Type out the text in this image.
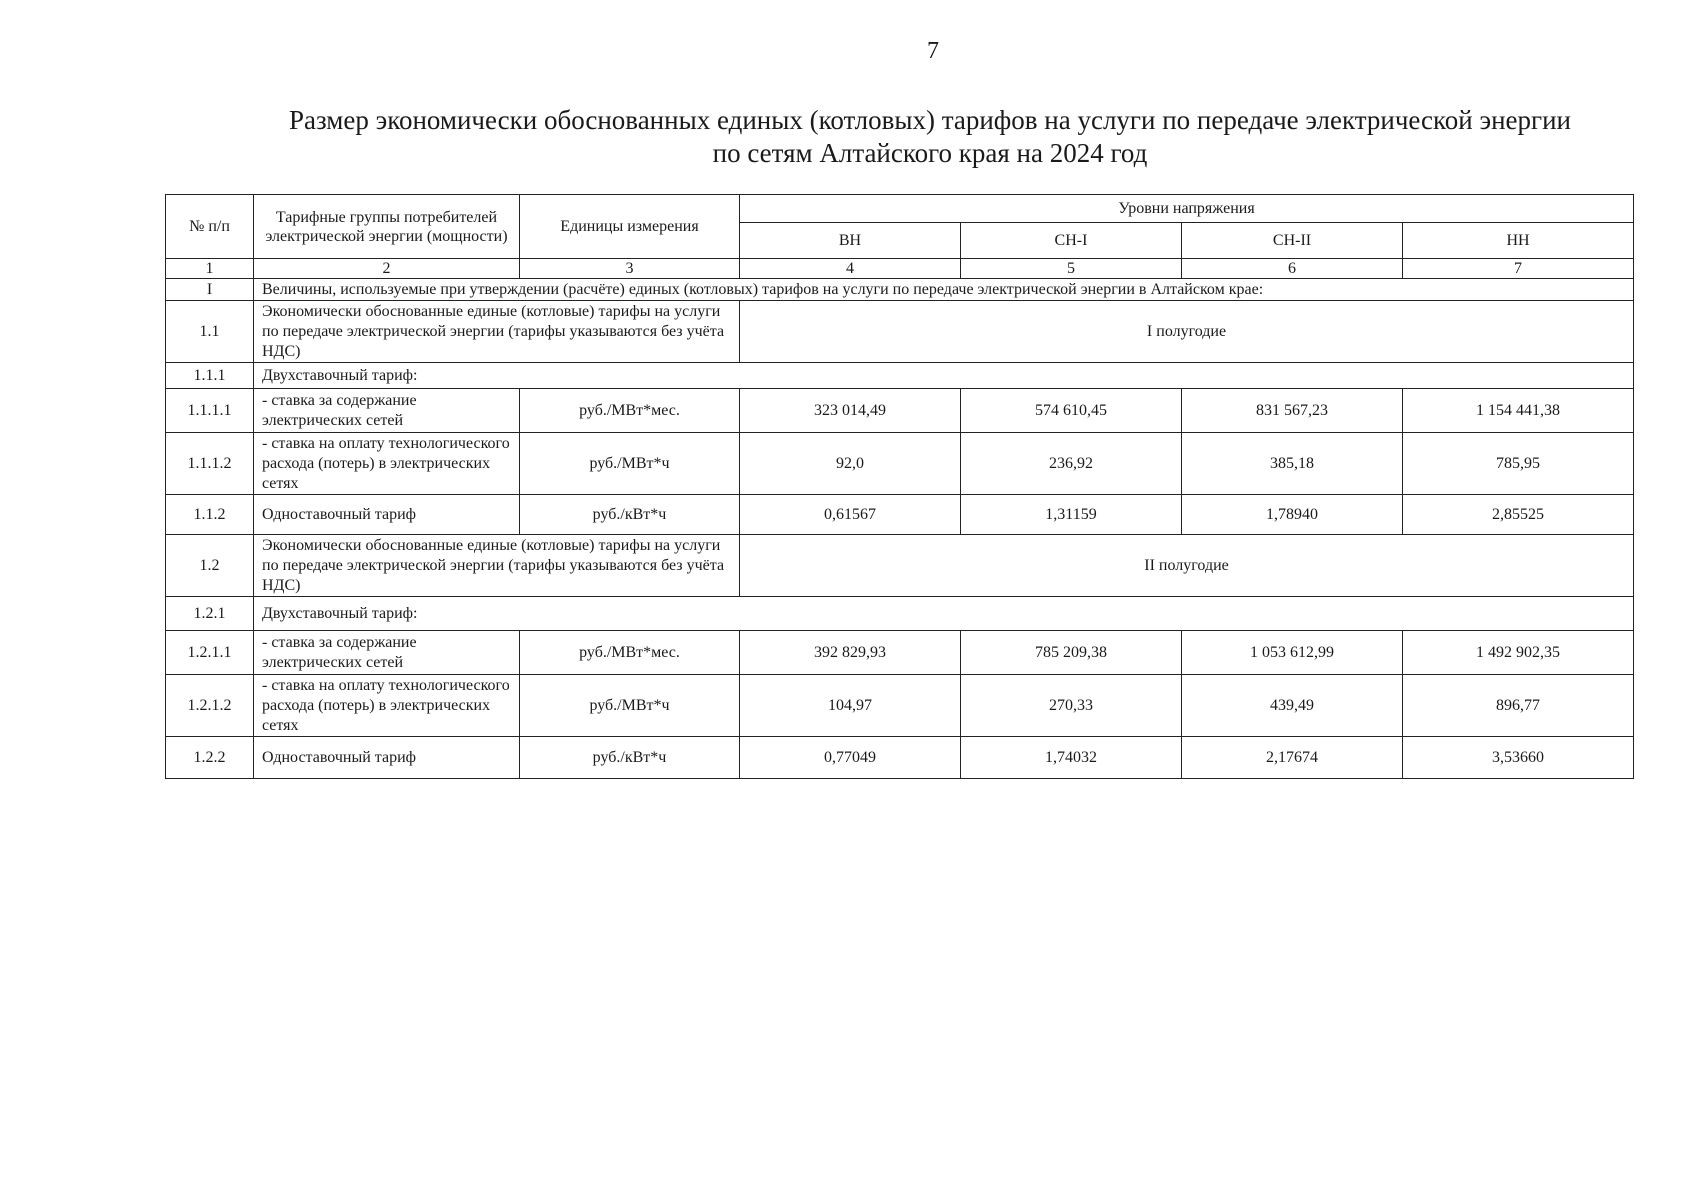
7
Размер экономически обоснованных единых (котловых) тарифов на услуги по передаче электрической энергии
по сетям Алтайского края на 2024 год
№ п/п	Тарифные группы потребителей электрической энергии (мощности)	Единицы измерения	Уровни напряжения			
			ВН	СН-I	СН-II	НН
1	2	3	4	5	6	7
I	Величины, используемые при утверждении (расчёте) единых (котловых) тарифов на услуги по передаче электрической энергии в Алтайском крае:					
1.1	Экономически обоснованные единые (котловые) тарифы на услуги по передаче электрической энергии (тарифы указываются без учёта НДС)		I полугодие			
1.1.1	Двухставочный тариф:					
1.1.1.1	- ставка за содержание электрических сетей	руб./МВт*мес.	323 014,49	574 610,45	831 567,23	1 154 441,38
1.1.1.2	- ставка на оплату технологического расхода (потерь) в электрических сетях	руб./МВт*ч	92,0	236,92	385,18	785,95
1.1.2	Одноставочный тариф	руб./кВт*ч	0,61567	1,31159	1,78940	2,85525
1.2	Экономически обоснованные единые (котловые) тарифы на услуги по передаче электрической энергии (тарифы указываются без учёта НДС)		II полугодие			
1.2.1	Двухставочный тариф:					
1.2.1.1	- ставка за содержание электрических сетей	руб./МВт*мес.	392 829,93	785 209,38	1 053 612,99	1 492 902,35
1.2.1.2	- ставка на оплату технологического расхода (потерь) в электрических сетях	руб./МВт*ч	104,97	270,33	439,49	896,77
1.2.2	Одноставочный тариф	руб./кВт*ч	0,77049	1,74032	2,17674	3,53660
